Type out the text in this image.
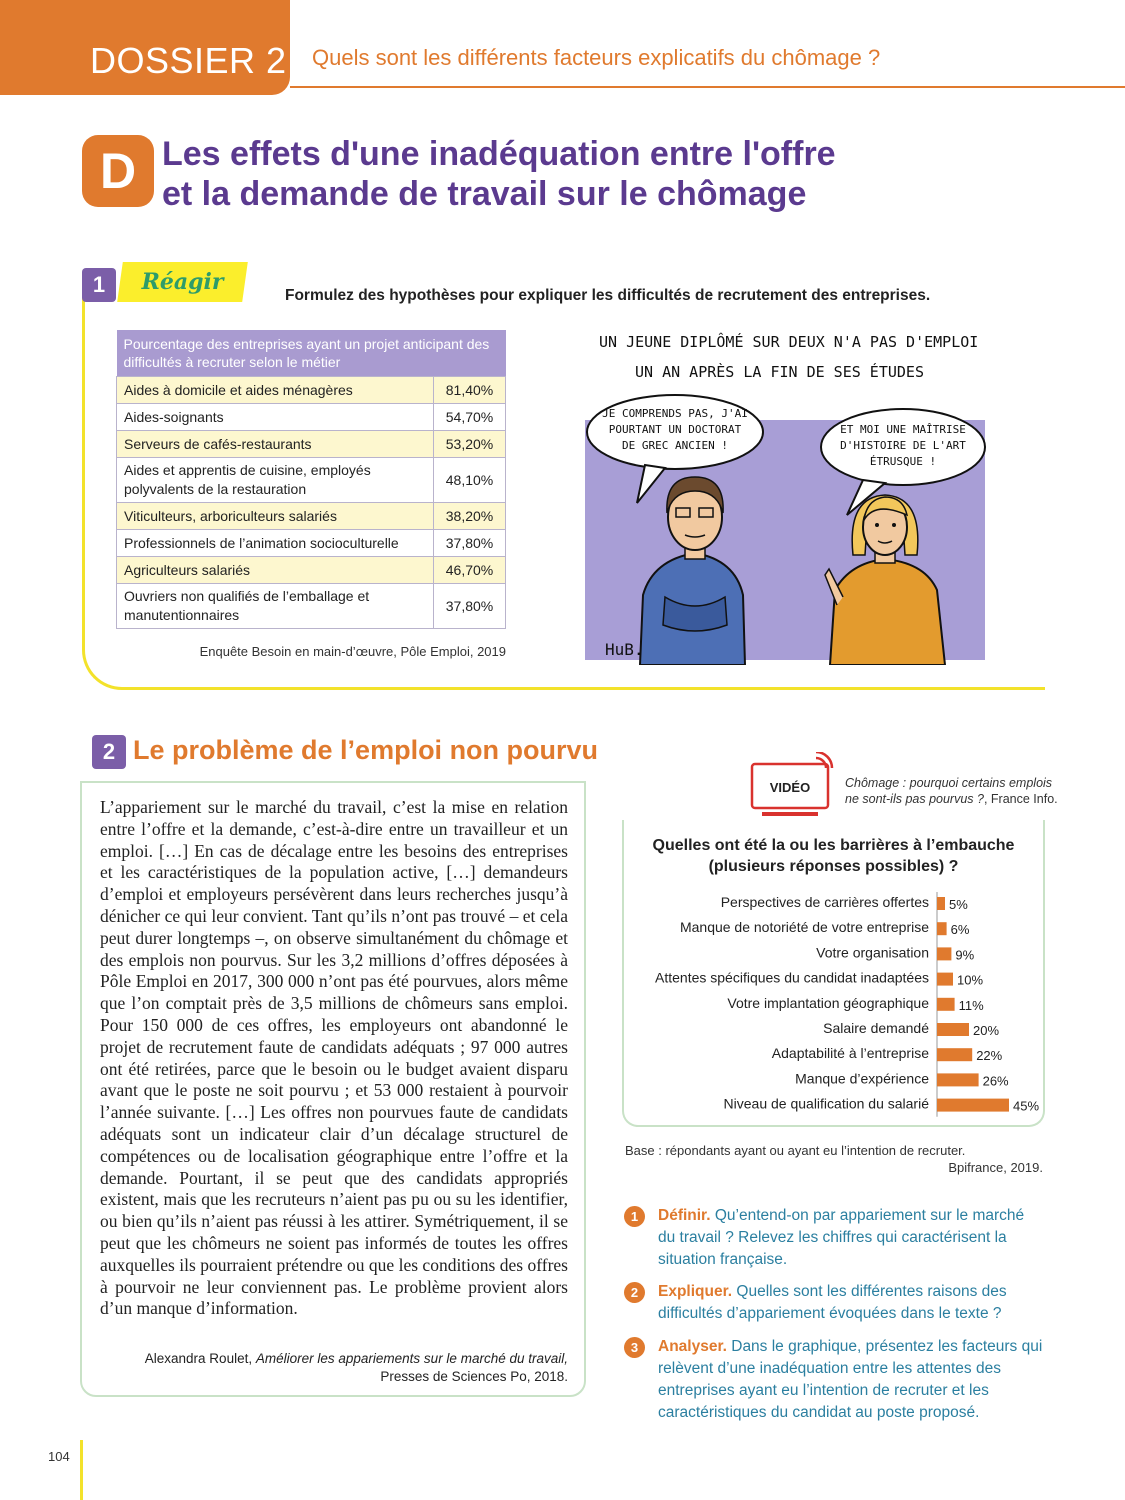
DOSSIER 2 Quels sont les différents facteurs explicatifs du chômage ?
D Les effets d'une inadéquation entre l'offre
et la demande de travail sur le chômage
1	Réagir
Formulez des hypothèses pour expliquer les difficultés de recrutement des entreprises.
Pourcentage des entreprises ayant un projet anticipant des difficultés à recruter selon le métier	
Aides à domicile et aides ménagères	81,40%
Aides-soignants	54,70%
Serveurs de cafés-restaurants	53,20%
Aides et apprentis de cuisine, employés polyvalents de la restauration	48,10%
Viticulteurs, arboriculteurs salariés	38,20%
Professionnels de l’animation socioculturelle	37,80%
Agriculteurs salariés	46,70%
Ouvriers non qualifiés de l’emballage et manutentionnaires	37,80%
Enquête Besoin en main-d’œuvre, Pôle Emploi, 2019
UN JEUNE DIPLÔMÉ SUR DEUX N'A PAS D'EMPLOI
UN AN APRÈS LA FIN DE SES ÉTUDES
JE COMPRENDS PAS, J'AI
POURTANT UN DOCTORAT
DE GREC ANCIEN !
ET MOI UNE MAÎTRISE
D'HISTOIRE DE L'ART
ÉTRUSQUE !
HuB.
2 Le problème de l’emploi non pourvu
L’appariement sur le marché du travail, c’est la mise en relation entre l’offre et la demande, c’est-à-dire entre un travailleur et un emploi. […] En cas de décalage entre les besoins des entreprises et les caractéristiques de la population active, […] demandeurs d’emploi et employeurs persévèrent dans leurs recherches jusqu’à dénicher ce qui leur convient. Tant qu’ils n’ont pas trouvé – et cela peut durer longtemps –, on observe simultanément du chômage et des emplois non pourvus. Sur les 3,2 millions d’offres déposées à Pôle Emploi en 2017, 300 000 n’ont pas été pourvues, alors même que l’on comptait près de 3,5 millions de chômeurs sans emploi. Pour 150 000 de ces offres, les employeurs ont abandonné le projet de recrutement faute de candidats adéquats ; 97 000 autres ont été retirées, parce que le besoin ou le budget avaient disparu avant que le poste ne soit pourvu ; et 53 000 restaient à pourvoir l’année suivante. […] Les offres non pourvues faute de candidats adéquats sont un indicateur clair d’un décalage structurel de compétences ou de localisation géographique entre l’offre et la demande. Pourtant, il se peut que des candidats appropriés existent, mais que les recruteurs n’aient pas pu ou su les identifier, ou bien qu’ils n’aient pas réussi à les attirer. Symétriquement, il se peut que les chômeurs ne soient pas informés de toutes les offres auxquelles ils pourraient prétendre ou que les conditions des offres à pourvoir ne leur conviennent pas. Le problème provient alors d’un manque d’information.
Alexandra Roulet, Améliorer les appariements sur le marché du travail,
Presses de Sciences Po, 2018.
VIDÉO	Chômage : pourquoi certains emplois
ne sont-ils pas pourvus ?, France Info.
Quelles ont été la ou les barrières à l’embauche
(plusieurs réponses possibles) ?
Perspectives de carrières offertes 5%
Manque de notoriété de votre entreprise 6%
Votre organisation 9%
Attentes spécifiques du candidat inadaptées 10%
Votre implantation géographique 11%
Salaire demandé	20%
Adaptabilité à l’entreprise	22%
Manque d’expérience	26%
Niveau de qualification du salarié	45%
Base : répondants ayant ou ayant eu l’intention de recruter.
Bpifrance, 2019.
1	Définir. Qu’entend-on par appariement sur le marché du travail ? Relevez les chiffres qui caractérisent la situation française.
2	Expliquer. Quelles sont les différentes raisons des difficultés d’appariement évoquées dans le texte ?
3	Analyser. Dans le graphique, présentez les facteurs qui relèvent d’une inadéquation entre les attentes des entreprises ayant eu l’intention de recruter et les caractéristiques du candidat au poste proposé.
104
